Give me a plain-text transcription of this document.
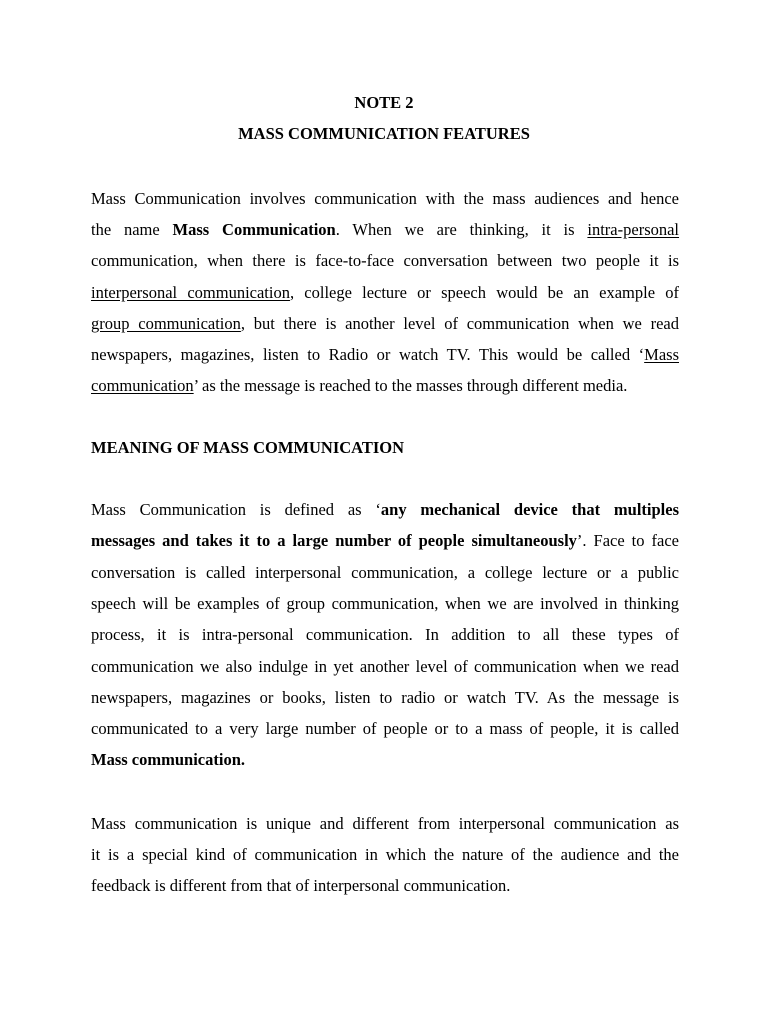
NOTE 2

MASS COMMUNICATION FEATURES

Mass Communication involves communication with the mass audiences and hence
the name Mass Communication. When we are thinking, it is intra-personal
communication, when there is face-to-face conversation between two people it is
interpersonal communication, college lecture or speech would be an example of
group communication, but there is another level of communication when we read
newspapers, magazines, listen to Radio or watch TV. This would be called ‘Mass
communication’ as the message is reached to the masses through different media.
MEANING OF MASS COMMUNICATION
Mass Communication is defined as ‘any mechanical device that multiples
messages and takes it to a large number of people simultaneously’. Face to face
conversation is called interpersonal communication, a college lecture or a public
speech will be examples of group communication, when we are involved in thinking
process, it is intra-personal communication. In addition to all these types of
communication we also indulge in yet another level of communication when we read
newspapers, magazines or books, listen to radio or watch TV. As the message is
communicated to a very large number of people or to a mass of people, it is called
Mass communication.
Mass communication is unique and different from interpersonal communication as
it is a special kind of communication in which the nature of the audience and the
feedback is different from that of interpersonal communication.
